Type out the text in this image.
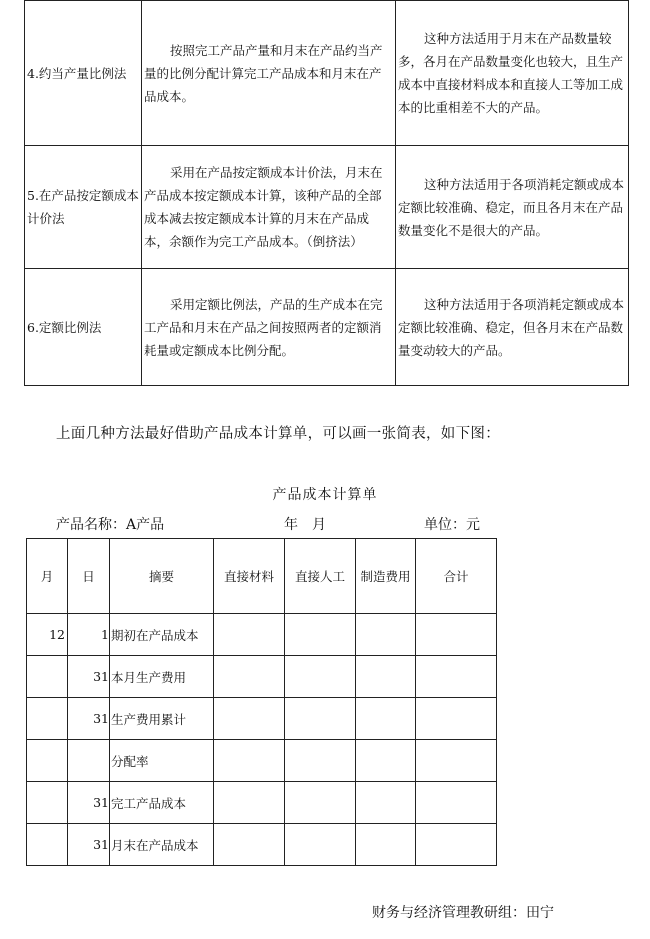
4.约当产量比例法	按照完工产品产量和月末在产品约当产量的比例分配计算完工产品成本和月末在产品成本。	这种方法适用于月末在产品数量较多，各月在产品数量变化也较大，且生产成本中直接材料成本和直接人工等加工成本的比重相差不大的产品。
5.在产品按定额成本计价法	采用在产品按定额成本计价法，月末在产品成本按定额成本计算，该种产品的全部成本减去按定额成本计算的月末在产品成本，余额作为完工产品成本。（倒挤法）	这种方法适用于各项消耗定额或成本定额比较准确、稳定，而且各月末在产品数量变化不是很大的产品。
6.定额比例法	采用定额比例法，产品的生产成本在完工产品和月末在产品之间按照两者的定额消耗量或定额成本比例分配。	这种方法适用于各项消耗定额或成本定额比较准确、稳定，但各月末在产品数量变动较大的产品。
上面几种方法最好借助产品成本计算单，可以画一张简表，如下图：
产品成本计算单
产品名称：A产品	年　月	单位：元
月	日	摘要	直接材料	直接人工	制造费用	合计
12	1	期初在产品成本				
	31	本月生产费用				
	31	生产费用累计				
		分配率				
	31	完工产品成本				
	31	月末在产品成本				
财务与经济管理教研组：田宁
